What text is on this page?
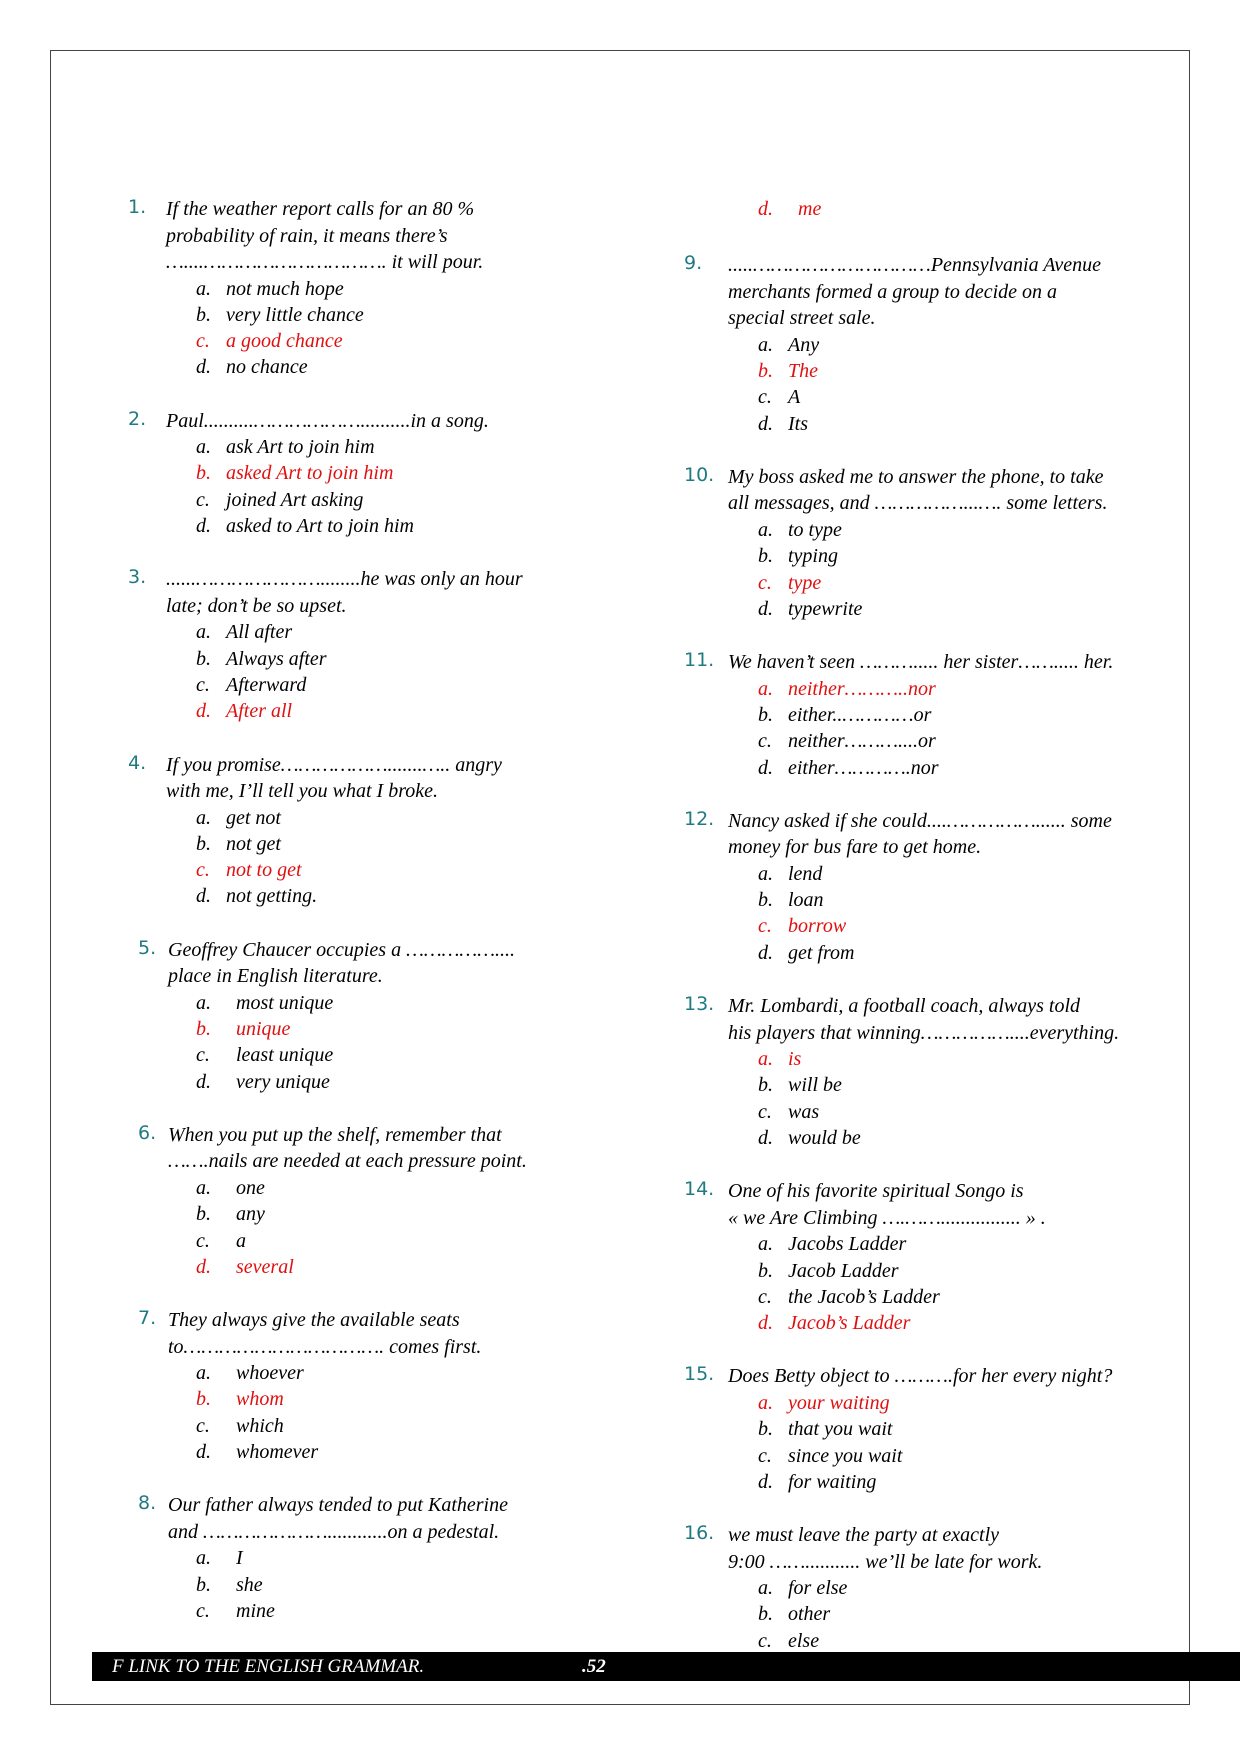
1. If the weather report calls for an 80 %
probability of rain, it means there’s
…....…………………………. it will pour.
a. not much hope
b. very little chance
c. a good chance
d. no chance
2. Paul..........………………..........in a song.
a. ask Art to join him
b. asked Art to join him
c. joined Art asking
d. asked to Art to join him
3. ......…………………........he was only an hour
late; don’t be so upset.
a. All after
b. Always after
c. Afterward
d. After all
4. If you promise……………….......….. angry
with me, I’ll tell you what I broke.
a. get not
b. not get
c. not to get
d. not getting.
5. Geoffrey Chaucer occupies a ……………....
place in English literature.
a.	most unique
b.	unique
c.	least unique
d.	very unique
6. When you put up the shelf, remember that
…….nails are needed at each pressure point.
a.	one
b.	any
c.	a
d.	several
7. They always give the available seats
to……………………………. comes first.
a.	whoever
b.	whom
c.	which
d.	whomever
8. Our father always tended to put Katherine
and …………………............on a pedestal.
a.	I
b.	she
c.	mine
d.	me
9. .....…………………………Pennsylvania Avenue
merchants formed a group to decide on a
special street sale.
a. Any
b. The
c. A
d. Its
10. My boss asked me to answer the phone, to take
all messages, and ……………...…. some letters.
a. to type
b. typing
c. type
d. typewrite
11. We haven’t seen ………..... her sister……..... her.
a. neither………..nor
b. either..…………or
c. neither………....or
d. either………….nor
12. Nancy asked if she could....……………...... some
money for bus fare to get home.
a. lend
b. loan
c. borrow
d. get from
13. Mr. Lombardi, a football coach, always told
his players that winning……………....everything.
a. is
b. will be
c. was
d. would be
14. One of his favorite spiritual Songo is
« we Are Climbing ….……................ » .
a. Jacobs Ladder
b. Jacob Ladder
c. the Jacob’s Ladder
d. Jacob’s Ladder
15. Does Betty object to ……….for her every night?
a. your waiting
b. that you wait
c. since you wait
d. for waiting
16. we must leave the party at exactly
9:00 ……........... we’ll be late for work.
a. for else
b. other
c. else
F LINK TO THE ENGLISH GRAMMAR.	.52
